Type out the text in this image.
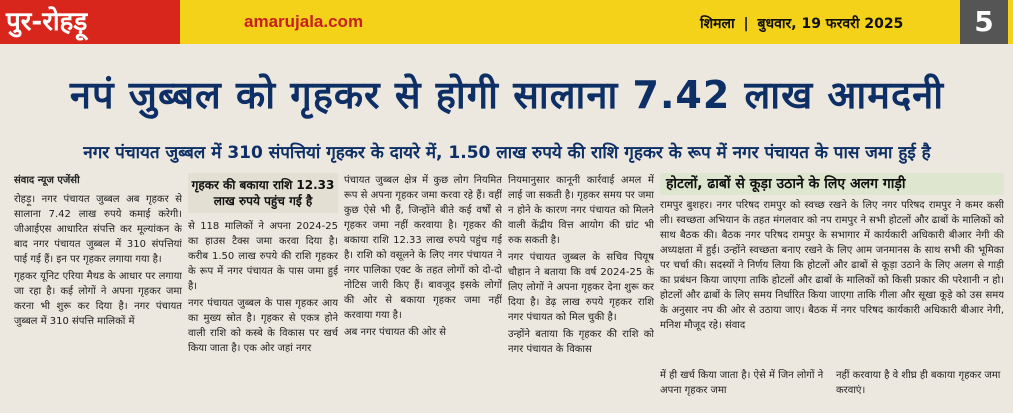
पुर-रोहड़ू	amarujala.com	शिमला | बुधवार, 19 फरवरी 2025	5
नपं जुब्बल को गृहकर से होगी सालाना 7.42 लाख आमदनी
नगर पंचायत जुब्बल में 310 संपत्तियां गृहकर के दायरे में, 1.50 लाख रुपये की राशि गृहकर के रूप में नगर पंचायत के पास जमा हुई है
संवाद न्यूज एजेंसी

रोहड़ू। नगर पंचायत जुब्बल अब गृहकर से सालाना 7.42 लाख रुपये कमाई करेगी। जीआईएस आधारित संपत्ति कर मूल्यांकन के बाद नगर पंचायत जुब्बल में 310 संपत्तियां पाई गई हैं। इन पर गृहकर लगाया गया है।

गृहकर यूनिट एरिया मैथड के आधार पर लगाया जा रहा है। कई लोगों ने अपना गृहकर जमा करना भी शुरू कर दिया है। नगर पंचायत जुब्बल में 310 संपत्ति मालिकों में

गृहकर की बकाया राशि 12.33 लाख रुपये पहुंच गई है

से 118 मालिकों ने अपना 2024-25 का हाउस टैक्स जमा करवा दिया है। करीब 1.50 लाख रुपये की राशि गृहकर के रूप में नगर पंचायत के पास जमा हुई है।

नगर पंचायत जुब्बल के पास गृहकर आय का मुख्य स्रोत है। गृहकर से एकत्र होने वाली राशि को कस्बे के विकास पर खर्च किया जाता है। एक ओर जहां नगर

पंचायत जुब्बल क्षेत्र में कुछ लोग नियमित रूप से अपना गृहकर जमा करवा रहे हैं। वहीं कुछ ऐसे भी हैं, जिन्होंने बीते कई वर्षों से गृहकर जमा नहीं करवाया है। गृहकर की बकाया राशि 12.33 लाख रुपये पहुंच गई है। राशि को वसूलने के लिए नगर पंचायत ने नगर पालिका एक्ट के तहत लोगों को दो-दो नोटिस जारी किए हैं। बावजूद इसके लोगों की ओर से बकाया गृहकर जमा नहीं करवाया गया है।

अब नगर पंचायत की ओर से

नियमानुसार कानूनी कार्रवाई अमल में लाई जा सकती है। गृहकर समय पर जमा न होने के कारण नगर पंचायत को मिलने वाली केंद्रीय वित्त आयोग की ग्रांट भी रुक सकती है।

नगर पंचायत जुब्बल के सचिव पियूष चौहान ने बताया कि वर्ष 2024-25 के लिए लोगों ने अपना गृहकर देना शुरू कर दिया है। डेढ़ लाख रुपये गृहकर राशि नगर पंचायत को मिल चुकी है।

उन्होंने बताया कि गृहकर की राशि को नगर पंचायत के विकास

होटलों, ढाबों से कूड़ा उठाने के लिए अलग गाड़ी

रामपुर बुशहर। नगर परिषद रामपुर को स्वच्छ रखने के लिए नगर परिषद रामपुर ने कमर कसी ली। स्वच्छता अभियान के तहत मंगलवार को नप रामपुर ने सभी होटलों और ढाबों के मालिकों को साथ बैठक की। बैठक नगर परिषद रामपुर के सभागार में कार्यकारी अधिकारी बीआर नेगी की अध्यक्षता में हुई। उन्होंने स्वच्छता बनाए रखने के लिए आम जनमानस के साथ सभी की भूमिका पर चर्चा की। सदस्यों ने निर्णय लिया कि होटलों और ढाबों से कूड़ा उठाने के लिए अलग से गाड़ी का प्रबंधन किया जाएगा ताकि होटलों और ढाबों के मालिकों को किसी प्रकार की परेशानी न हो। होटलों और ढाबों के लिए समय निर्धारित किया जाएगा ताकि गीला और सूखा कूड़े को उस समय के अनुसार नप की ओर से उठाया जाए। बैठक में नगर परिषद कार्यकारी अधिकारी बीआर नेगी, मनिश मौजूद रहे। संवाद

में ही खर्च किया जाता है। ऐसे में जिन लोगों ने अपना गृहकर जमा
नहीं करवाया है वे शीघ्र ही बकाया गृहकर जमा करवाएं।
